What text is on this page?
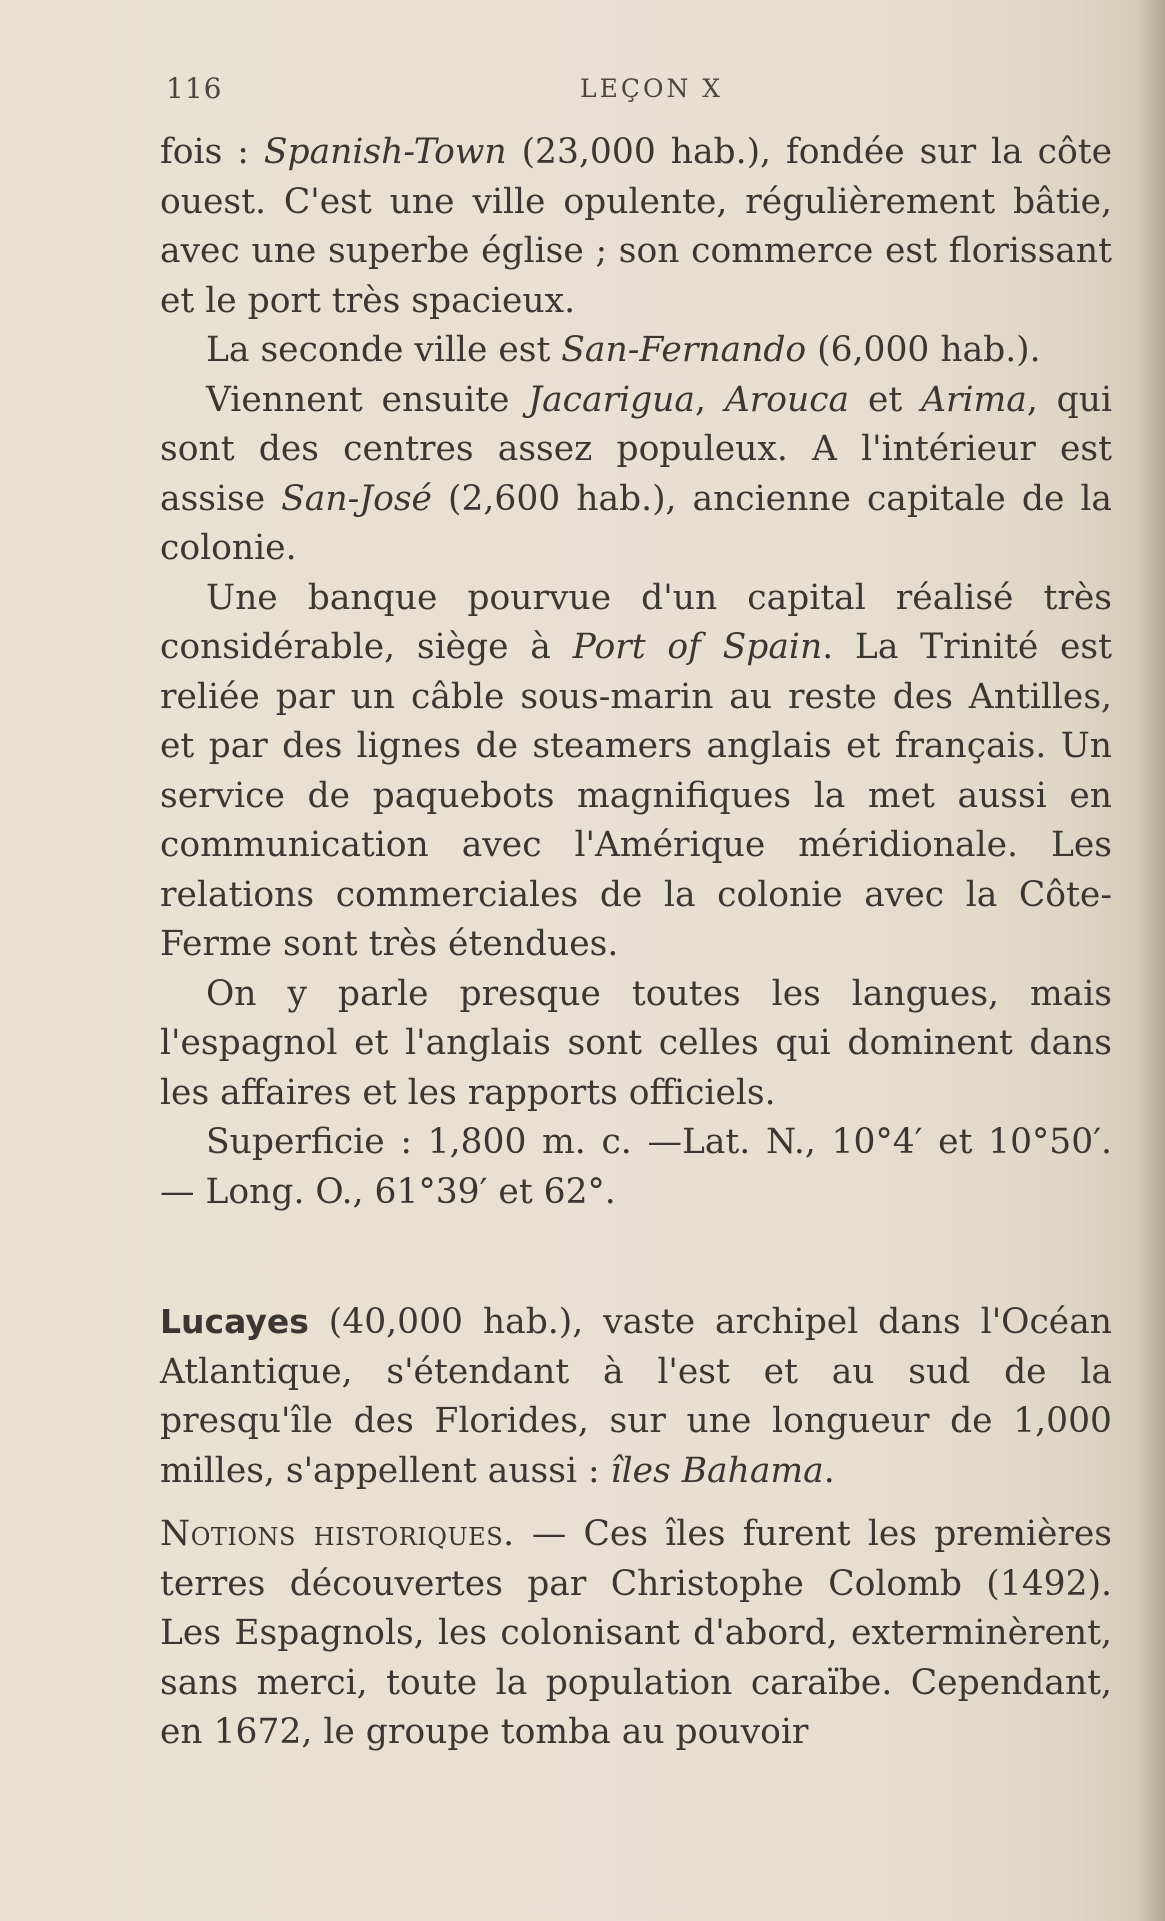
116	LEÇON X

fois : Spanish-Town (23,000 hab.), fondée sur la côte ouest. C'est une ville opulente, régulièrement bâtie, avec une superbe église ; son commerce est florissant et le port très spacieux.

La seconde ville est San-Fernando (6,000 hab.).

Viennent ensuite Jacarigua, Arouca et Arima, qui sont des centres assez populeux. A l'intérieur est assise San-José (2,600 hab.), ancienne capitale de la colonie.

Une banque pourvue d'un capital réalisé très considérable, siège à Port of Spain. La Trinité est reliée par un câble sous-marin au reste des Antilles, et par des lignes de steamers anglais et français. Un service de paquebots magnifiques la met aussi en communication avec l'Amérique méridionale. Les relations commerciales de la colonie avec la Côte-Ferme sont très étendues.

On y parle presque toutes les langues, mais l'espagnol et l'anglais sont celles qui dominent dans les affaires et les rapports officiels.

Superficie : 1,800 m. c. —Lat. N., 10°4′ et 10°50′. — Long. O., 61°39′ et 62°.

Lucayes (40,000 hab.), vaste archipel dans l'Océan Atlantique, s'étendant à l'est et au sud de la presqu'île des Florides, sur une longueur de 1,000 milles, s'appellent aussi : îles Bahama.

Notions historiques. — Ces îles furent les premières terres découvertes par Christophe Colomb (1492). Les Espagnols, les colonisant d'abord, exterminèrent, sans merci, toute la population caraïbe. Cependant, en 1672, le groupe tomba au pouvoir
